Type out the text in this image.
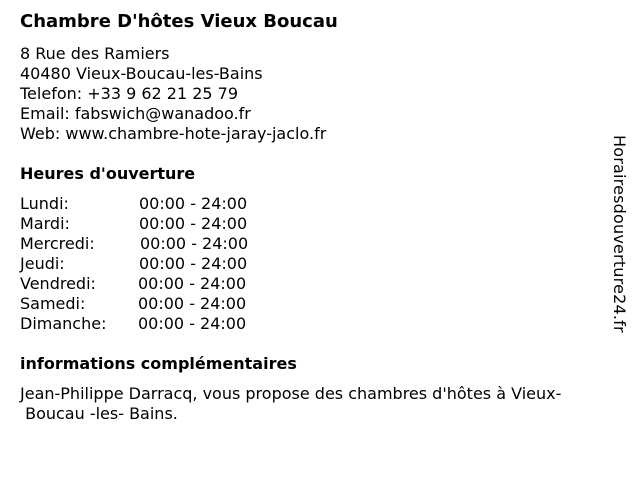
Chambre D'hôtes Vieux Boucau
8 Rue des Ramiers
40480 Vieux-Boucau-les-Bains
Telefon: +33 9 62 21 25 79
Email: fabswich@wanadoo.fr
Web: www.chambre-hote-jaray-jaclo.fr
Heures d'ouverture
Lundi:	00:00 - 24:00
Mardi:	00:00 - 24:00
Mercredi:	00:00 - 24:00
Jeudi:	00:00 - 24:00
Vendredi:	00:00 - 24:00
Samedi:	00:00 - 24:00
Dimanche: 00:00 - 24:00
informations complémentaires
Jean-Philippe Darracq, vous propose des chambres d'hôtes à Vieux-
Boucau -les- Bains.
Horairesdouverture24.fr
